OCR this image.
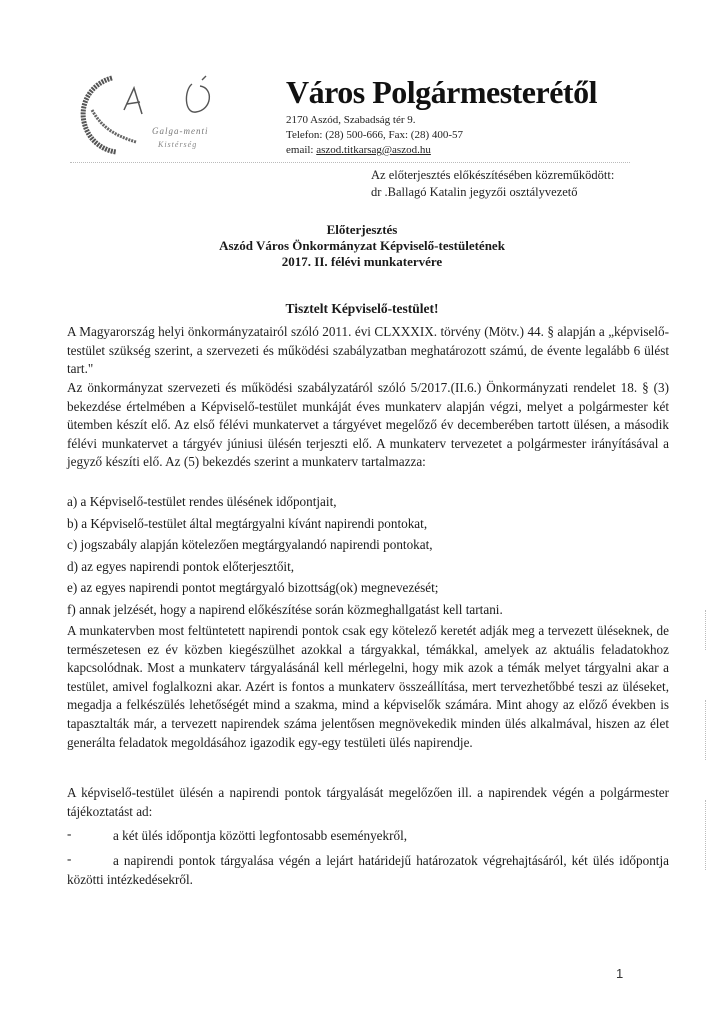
Galga-menti
Kistérség
Város Polgármesterétől
2170 Aszód, Szabadság tér 9.
Telefon: (28) 500-666, Fax: (28) 400-57
email: aszod.titkarsag@aszod.hu
Az előterjesztés előkészítésében közreműködött:
dr .Ballagó Katalin jegyzői osztályvezető
Előterjesztés
Aszód Város Önkormányzat Képviselő-testületének
2017. II. félévi munkatervére
Tisztelt Képviselő-testület!
A Magyarország helyi önkormányzatairól szóló 2011. évi CLXXXIX. törvény (Mötv.) 44. § alapján a „képviselő-testület szükség szerint, a szervezeti és működési szabályzatban meghatározott számú, de évente legalább 6 ülést tart."
Az önkormányzat szervezeti és működési szabályzatáról szóló 5/2017.(II.6.) Önkormányzati rendelet 18. § (3) bekezdése értelmében a Képviselő-testület munkáját éves munkaterv alapján végzi, melyet a polgármester két ütemben készít elő. Az első félévi munkatervet a tárgyévet megelőző év decemberében tartott ülésen, a második félévi munkatervet a tárgyév júniusi ülésén terjeszti elő. A munkaterv tervezetet a polgármester irányításával a jegyző készíti elő. Az (5) bekezdés szerint a munkaterv tartalmazza:
a) a Képviselő-testület rendes ülésének időpontjait,
b) a Képviselő-testület által megtárgyalni kívánt napirendi pontokat,
c) jogszabály alapján kötelezően megtárgyalandó napirendi pontokat,
d) az egyes napirendi pontok előterjesztőit,
e) az egyes napirendi pontot megtárgyaló bizottság(ok) megnevezését;
f) annak jelzését, hogy a napirend előkészítése során közmeghallgatást kell tartani.
A munkatervben most feltüntetett napirendi pontok csak egy kötelező keretét adják meg a tervezett üléseknek, de természetesen ez év közben kiegészülhet azokkal a tárgyakkal, témákkal, amelyek az aktuális feladatokhoz kapcsolódnak. Most a munkaterv tárgyalásánál kell mérlegelni, hogy mik azok a témák melyet tárgyalni akar a testület, amivel foglalkozni akar. Azért is fontos a munkaterv összeállítása, mert tervezhetőbbé teszi az üléseket, megadja a felkészülés lehetőségét mind a szakma, mind a képviselők számára. Mint ahogy az előző években is tapasztalták már, a tervezett napirendek száma jelentősen megnövekedik minden ülés alkalmával, hiszen az élet generálta feladatok megoldásához igazodik egy-egy testületi ülés napirendje.
A képviselő-testület ülésén a napirendi pontok tárgyalását megelőzően ill. a napirendek végén a polgármester tájékoztatást ad:
-	a két ülés időpontja közötti legfontosabb eseményekről,
-	a napirendi pontok tárgyalása végén a lejárt határidejű határozatok végrehajtásáról, két ülés időpontja közötti intézkedésekről.
1
